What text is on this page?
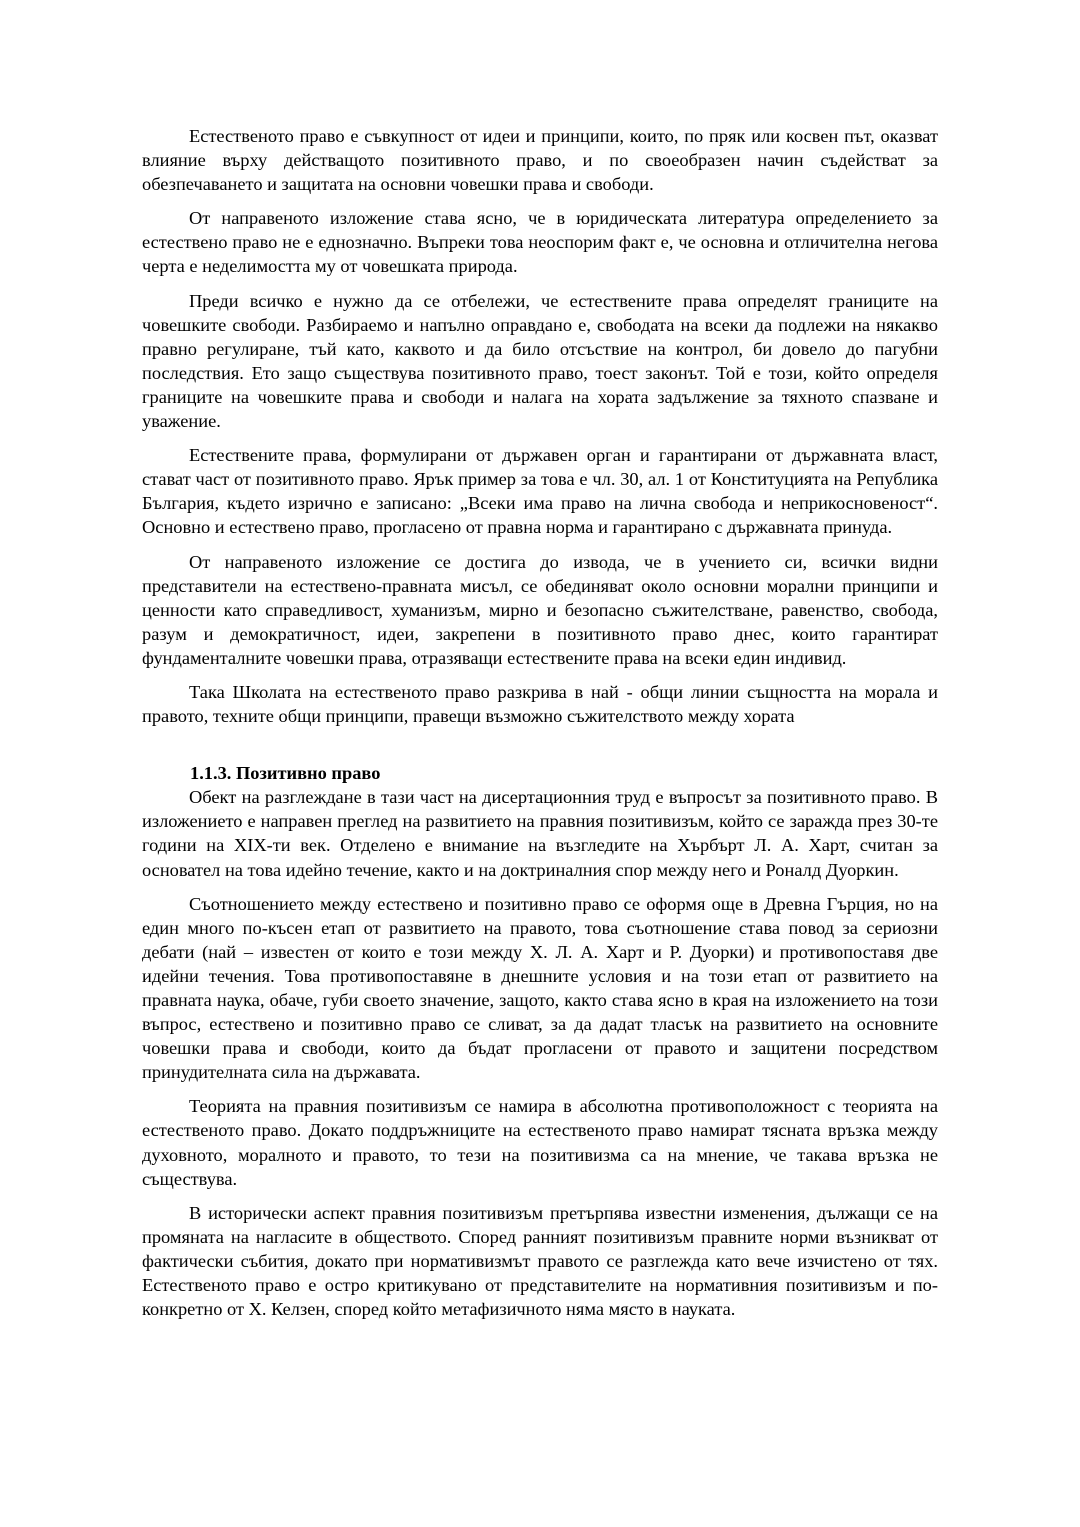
Естественото право е съвкупност от идеи и принципи, които, по пряк или косвен път, оказват влияние върху действащото позитивното право, и по своеобразен начин съдействат за обезпечаването и защитата на основни човешки права и свободи.

От направеното изложение става ясно, че в юридическата литература определението за естествено право не е еднозначно. Въпреки това неоспорим факт е, че основна и отличителна негова черта е неделимостта му от човешката природа.

Преди всичко е нужно да се отбележи, че естествените права определят границите на човешките свободи. Разбираемо и напълно оправдано е, свободата на всеки да подлежи на някакво правно регулиране, тъй като, каквото и да било отсъствие на контрол, би довело до пагубни последствия. Ето защо съществува позитивното право, тоест законът. Той е този, който определя границите на човешките права и свободи и налага на хората задължение за тяхното спазване и уважение.

Естествените права, формулирани от държавен орган и гарантирани от държавната власт, стават част от позитивното право. Ярък пример за това е чл. 30, ал. 1 от Конституцията на Република България, където изрично е записано: „Всеки има право на лична свобода и неприкосновеност“. Основно и естествено право, прогласено от правна норма и гарантирано с държавната принуда.

От направеното изложение се достига до извода, че в учението си, всички видни представители на естествено-правната мисъл, се обединяват около основни морални принципи и ценности като справедливост, хуманизъм, мирно и безопасно съжителстване, равенство, свобода, разум и демократичност, идеи, закрепени в позитивното право днес, които гарантират фундаменталните човешки права, отразяващи естествените права на всеки един индивид.

Така Школата на естественото право разкрива в най - общи линии същността на морала и правото, техните общи принципи, правещи възможно съжителството между хората

1.1.3. Позитивно право

Обект на разглеждане в тази част на дисертационния труд е въпросът за позитивното право. В изложението е направен преглед на развитието на правния позитивизъм, който се заражда през 30-те години на XIX-ти век. Отделено е внимание на възгледите на Хърбърт Л. А. Харт, считан за основател на това идейно течение, както и на доктриналния спор между него и Роналд Дуоркин.

Съотношението между естествено и позитивно право се оформя още в Древна Гърция, но на един много по-късен етап от развитието на правото, това съотношение става повод за сериозни дебати (най – известен от които е този между Х. Л. А. Харт и Р. Дуорки) и противопоставя две идейни течения. Това противопоставяне в днешните условия и на този етап от развитието на правната наука, обаче, губи своето значение, защото, както става ясно в края на изложението на този въпрос, естествено и позитивно право се сливат, за да дадат тласък на развитието на основните човешки права и свободи, които да бъдат прогласени от правото и защитени посредством принудителната сила на държавата.

Теорията на правния позитивизъм се намира в абсолютна противоположност с теорията на естественото право. Докато поддръжниците на естественото право намират тясната връзка между духовното, моралното и правото, то тези на позитивизма са на мнение, че такава връзка не съществува.

В исторически аспект правния позитивизъм претърпява известни изменения, дължащи се на промяната на нагласите в обществото. Според ранният позитивизъм правните норми възникват от фактически събития, докато при нормативизмът правото се разглежда като вече изчистено от тях. Естественото право е остро критикувано от представителите на нормативния позитивизъм и по-конкретно от Х. Келзен, според който метафизичното няма място в науката.
